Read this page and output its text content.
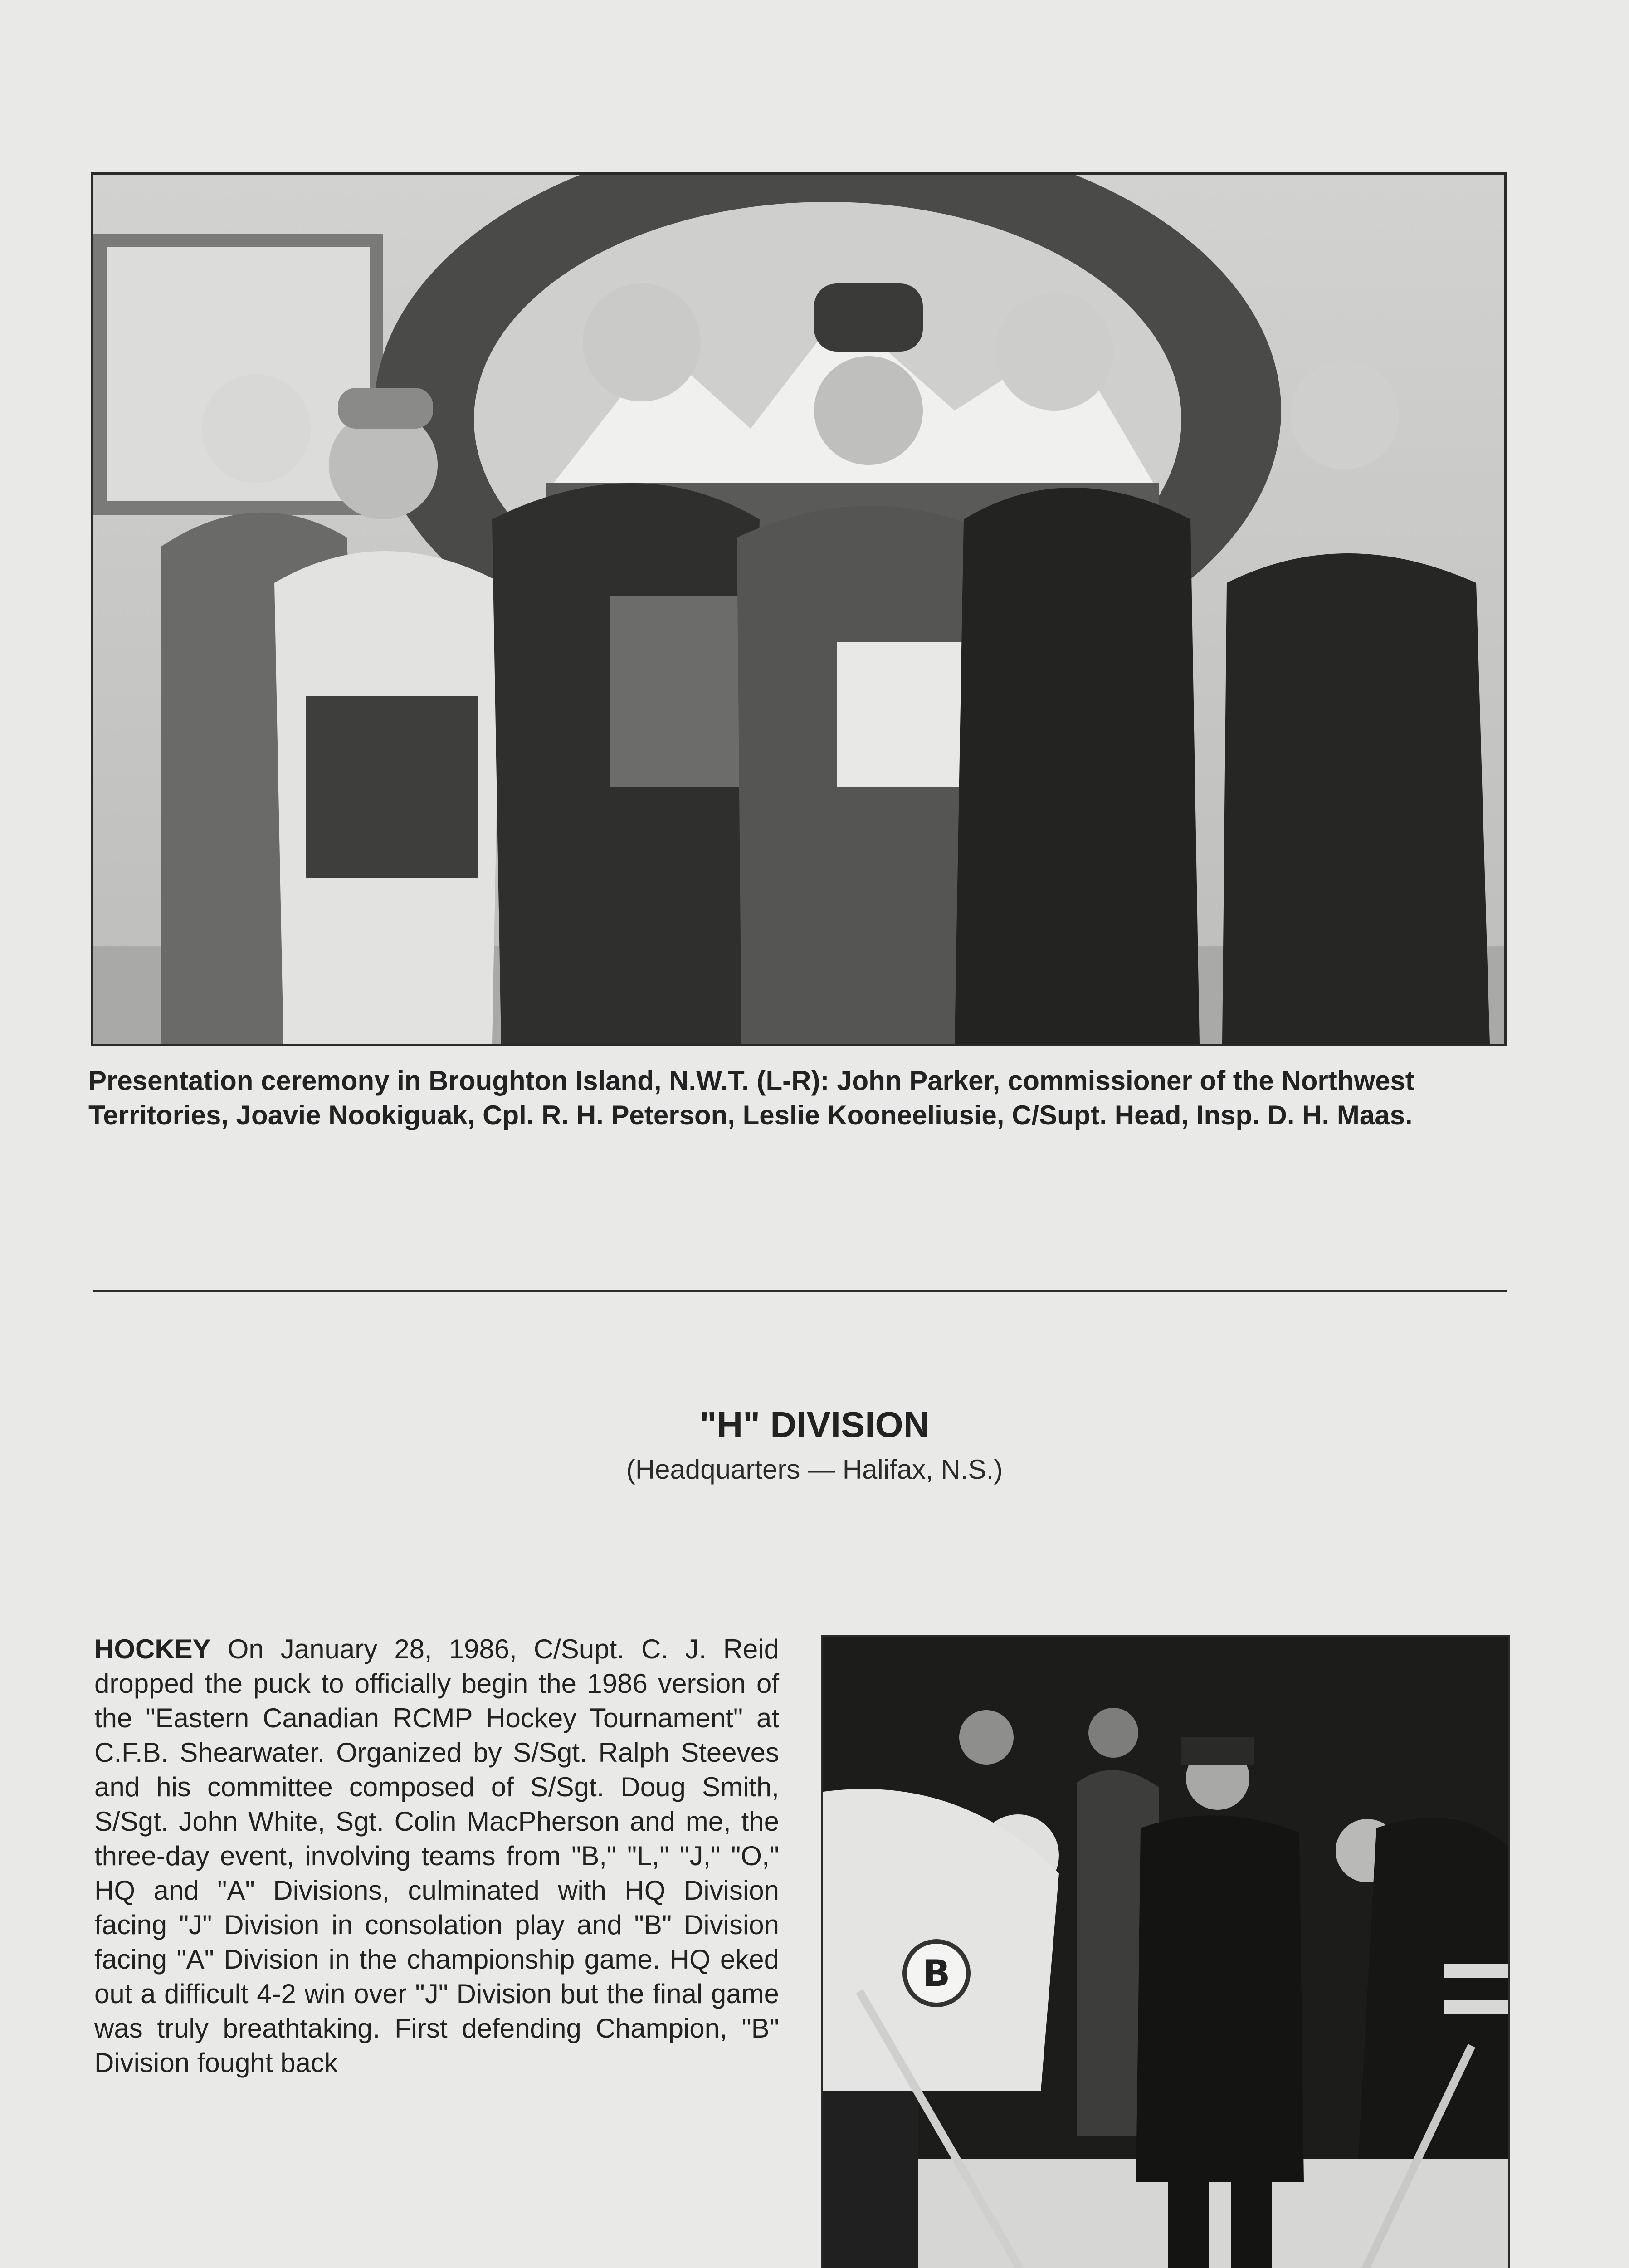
Presentation ceremony in Broughton Island, N.W.T. (L-R): John Parker, commissioner of the Northwest Territories, Joavie Nookiguak, Cpl. R. H. Peterson, Leslie Kooneeliusie, C/Supt. Head, Insp. D. H. Maas.
"H" DIVISION
(Headquarters — Halifax, N.S.)
HOCKEY On January 28, 1986, C/Supt. C. J. Reid dropped the puck to officially begin the 1986 version of the "Eastern Canadian RCMP Hockey Tournament" at C.F.B. Shearwater. Organized by S/Sgt. Ralph Steeves and his committee composed of S/Sgt. Doug Smith, S/Sgt. John White, Sgt. Colin MacPherson and me, the three-day event, involving teams from "B," "L," "J," "O," HQ and "A" Divisions, culminated with HQ Division facing "J" Division in consolation play and "B" Division facing "A" Division in the championship game. HQ eked out a difficult 4-2 win over "J" Division but the final game was truly breathtaking. First defending Champion, "B" Division fought back
B
